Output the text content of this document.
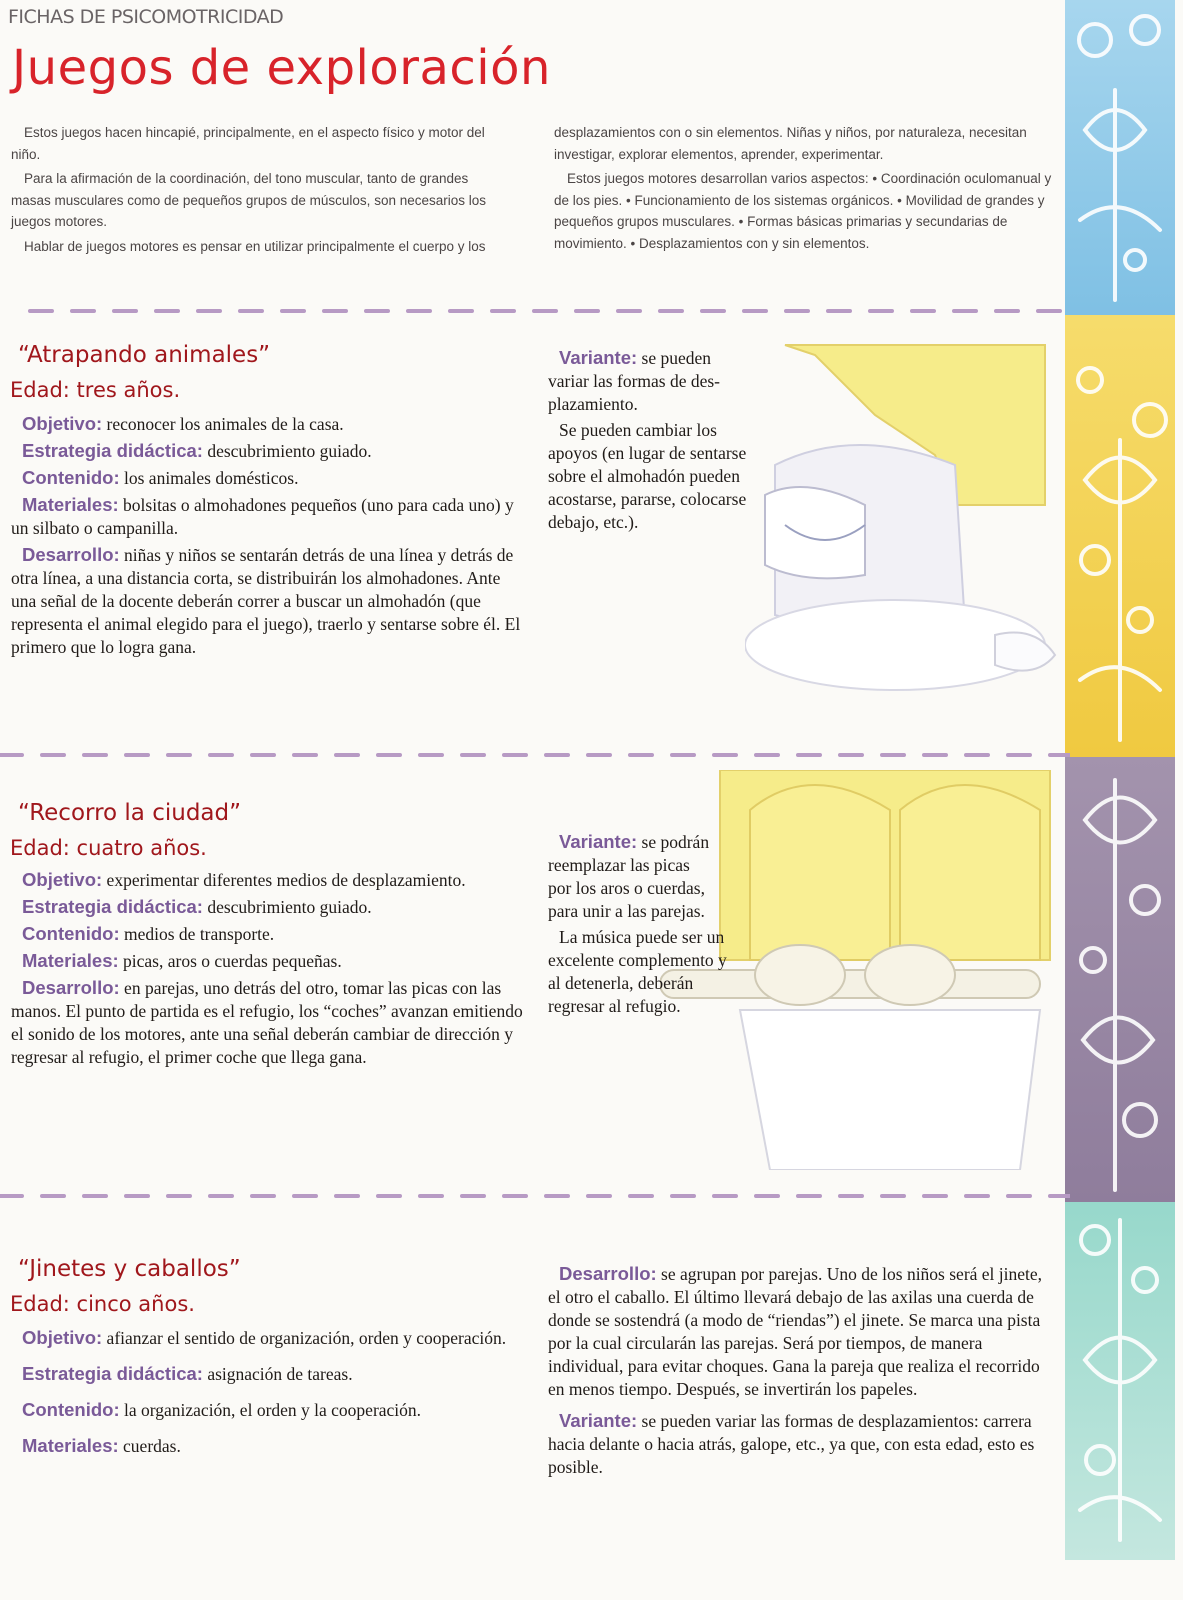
FICHAS DE PSICOMOTRICIDAD
Juegos de exploración

Estos juegos hacen hincapié, principalmente, en el aspecto físico y motor del niño.

Para la afirmación de la coordinación, del tono muscular, tanto de grandes masas musculares como de pequeños grupos de músculos, son necesarios los juegos motores.

Hablar de juegos motores es pensar en utilizar principalmente el cuerpo y los

desplazamientos con o sin elementos. Niñas y niños, por naturaleza, necesitan investigar, explorar elementos, aprender, experimentar.

Estos juegos motores desarrollan varios aspectos: • Coordinación oculomanual y de los pies. • Funcionamiento de los sistemas orgánicos. • Movilidad de grandes y pequeños grupos musculares. • Formas básicas primarias y secundarias de movimiento. • Desplazamientos con y sin elementos.

“Atrapando animales”
Edad: tres años.

Objetivo: reconocer los animales de la casa.

Estrategia didáctica: descubrimiento guiado.

Contenido: los animales domésticos.

Materiales: bolsitas o almohadones pequeños (uno para cada uno) y un silbato o campanilla.

Desarrollo: niñas y niños se sentarán detrás de una línea y detrás de otra línea, a una distancia corta, se distribuirán los almohadones. Ante una señal de la docente deberán correr a buscar un almohadón (que representa el animal elegido para el juego), traerlo y sentarse sobre él. El primero que lo logra gana.

Variante: se pueden variar las formas de des-plazamiento.

Se pueden cambiar los apoyos (en lugar de sentarse sobre el almohadón pueden acostarse, pararse, colocarse debajo, etc.).

“Recorro la ciudad”
Edad: cuatro años.

Objetivo: experimentar diferentes medios de desplazamiento.

Estrategia didáctica: descubrimiento guiado.

Contenido: medios de transporte.

Materiales: picas, aros o cuerdas pequeñas.

Desarrollo: en parejas, uno detrás del otro, tomar las picas con las manos. El punto de partida es el refugio, los “coches” avanzan emitiendo el sonido de los motores, ante una señal deberán cambiar de dirección y regresar al refugio, el primer coche que llega gana.

Variante: se podrán reemplazar las picas por los aros o cuerdas, para unir a las parejas.

La música puede ser un excelente complemento y al detenerla, deberán regresar al refugio.

“Jinetes y caballos”
Edad: cinco años.

Objetivo: afianzar el sentido de organización, orden y cooperación.

Estrategia didáctica: asignación de tareas.

Contenido: la organización, el orden y la cooperación.

Materiales: cuerdas.

Desarrollo: se agrupan por parejas. Uno de los niños será el jinete, el otro el caballo. El último llevará debajo de las axilas una cuerda de donde se sostendrá (a modo de “riendas”) el jinete. Se marca una pista por la cual circularán las parejas. Será por tiempos, de manera individual, para evitar choques. Gana la pareja que realiza el recorrido en menos tiempo. Después, se invertirán los papeles.

Variante: se pueden variar las formas de desplazamientos: carrera hacia delante o hacia atrás, galope, etc., ya que, con esta edad, esto es posible.
